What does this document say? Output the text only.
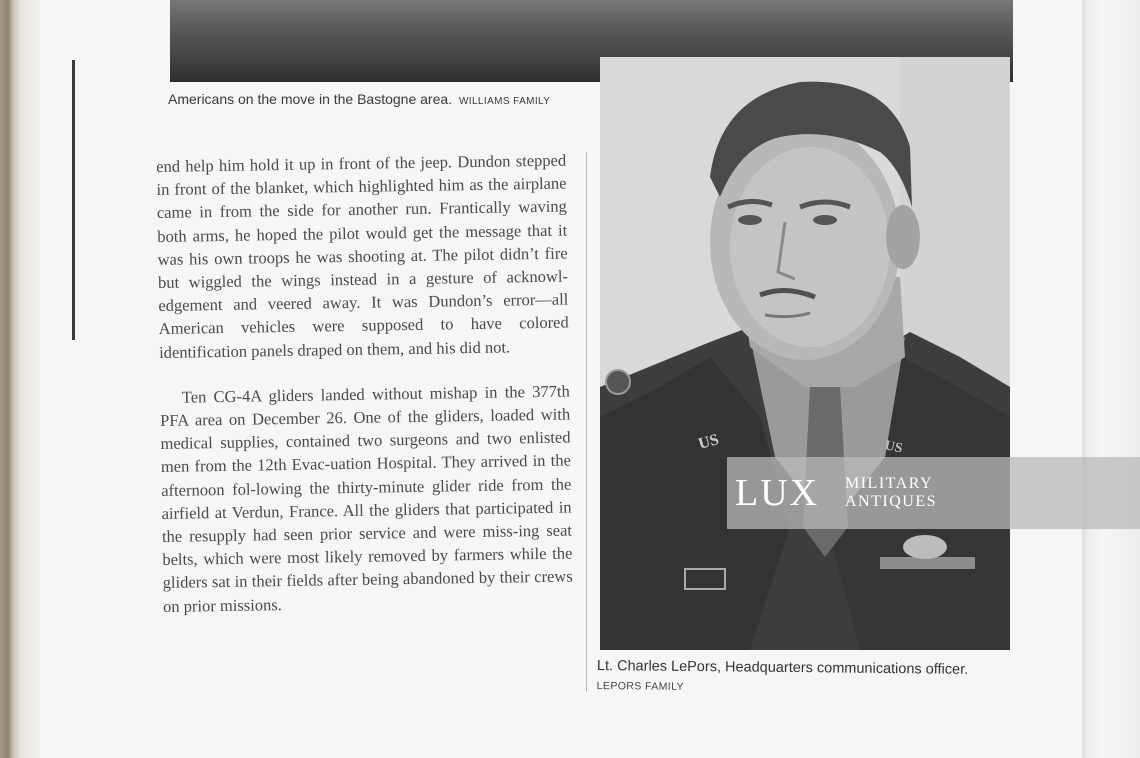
Americans on the move in the Bastogne area. WILLIAMS FAMILY

end help him hold it up in front of the jeep. Dundon stepped in front of the blanket, which highlighted him as the airplane came in from the side for another run. Frantically waving both arms, he hoped the pilot would get the message that it was his own troops he was shooting at. The pilot didn’t fire but wiggled the wings instead in a gesture of acknowl-edgement and veered away. It was Dundon’s error—all American vehicles were supposed to have colored identification panels draped on them, and his did not.

Ten CG-4A gliders landed without mishap in the 377th PFA area on December 26. One of the gliders, loaded with medical supplies, contained two surgeons and two enlisted men from the 12th Evac-uation Hospital. They arrived in the afternoon fol-lowing the thirty-minute glider ride from the airfield at Verdun, France. All the gliders that participated in the resupply had seen prior service and were miss-ing seat belts, which were most likely removed by farmers while the gliders sat in their fields after being abandoned by their crews on prior missions.

US	US
LUX MILITARY
ANTIQUES
Lt. Charles LePors, Headquarters communications officer.
LEPORS FAMILY
